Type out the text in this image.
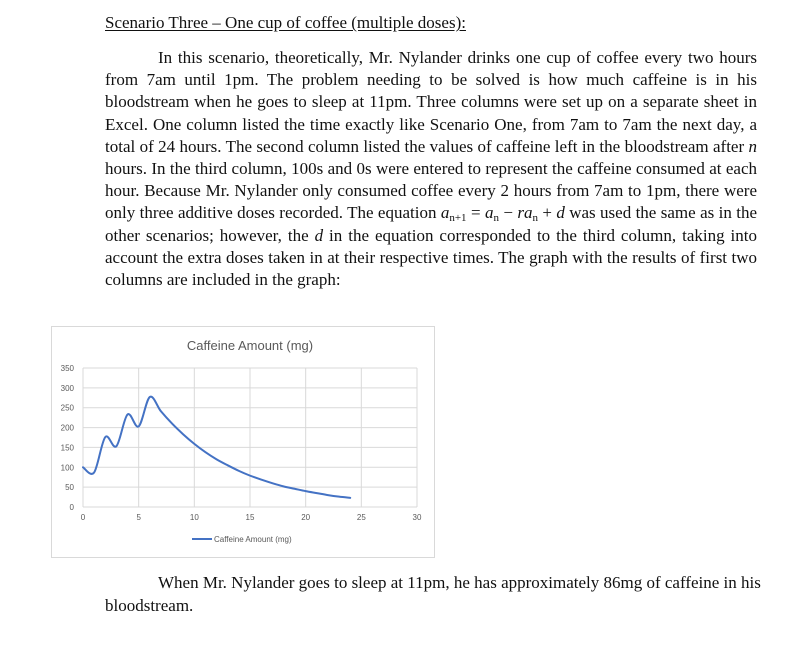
Scenario Three – One cup of coffee (multiple doses):

In this scenario, theoretically, Mr. Nylander drinks one cup of coffee every two hours from 7am until 1pm. The problem needing to be solved is how much caffeine is in his bloodstream when he goes to sleep at 11pm. Three columns were set up on a separate sheet in Excel. One column listed the time exactly like Scenario One, from 7am to 7am the next day, a total of 24 hours. The second column listed the values of caffeine left in the bloodstream after n hours. In the third column, 100s and 0s were entered to represent the caffeine consumed at each hour. Because Mr. Nylander only consumed coffee every 2 hours from 7am to 1pm, there were only three additive doses recorded. The equation $a_{n+1} = a_n - ra_n + d$ was used the same as in the other scenarios; however, the d in the equation corresponded to the third column, taking into account the extra doses taken in at their respective times. The graph with the results of first two columns are included in the graph:

Caffeine Amount (mg)
0
50
100
150
200
250
300
350
0	5	10	15	20	25	30
Caffeine Amount (mg)

When Mr. Nylander goes to sleep at 11pm, he has approximately 86mg of caffeine in his bloodstream.
